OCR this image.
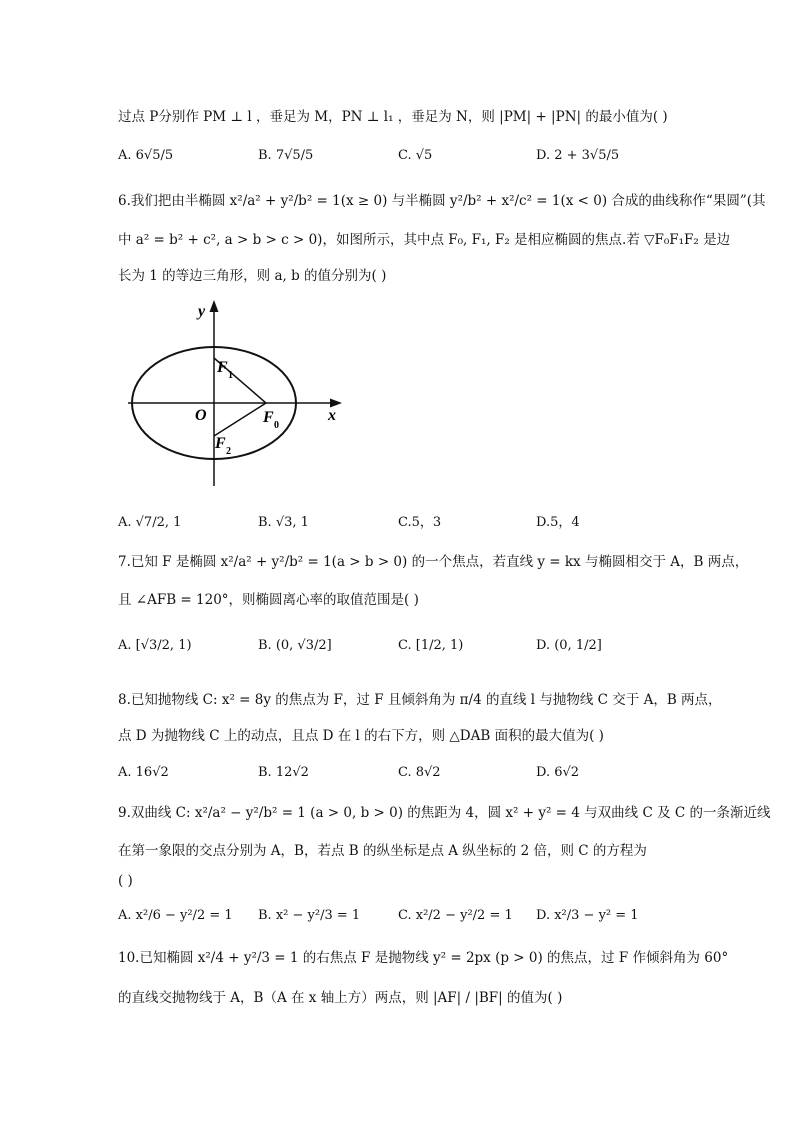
过点 P分别作 PM ⊥ l ，垂足为 M，PN ⊥ l₁ ，垂足为 N，则 |PM| + |PN| 的最小值为( )
A. 6√5/5	B. 7√5/5	C. √5	D. 2 + 3√5/5
6.我们把由半椭圆 x²/a² + y²/b² = 1(x ≥ 0) 与半椭圆 y²/b² + x²/c² = 1(x < 0) 合成的曲线称作“果圆”(其
中 a² = b² + c², a > b > c > 0)，如图所示，其中点 F₀, F₁, F₂ 是相应椭圆的焦点.若 ▽F₀F₁F₂ 是边
长为 1 的等边三角形，则 a, b 的值分别为( )
y
x
O
F 1
F 0
F 2
A. √7/2, 1	B. √3, 1	C.5，3	D.5，4
7.已知 F 是椭圆 x²/a² + y²/b² = 1(a > b > 0) 的一个焦点，若直线 y = kx 与椭圆相交于 A，B 两点，
且 ∠AFB = 120°，则椭圆离心率的取值范围是( )
A. [√3/2, 1)	B. (0, √3/2]	C. [1/2, 1)	D. (0, 1/2]
8.已知抛物线 C: x² = 8y 的焦点为 F，过 F 且倾斜角为 π/4 的直线 l 与抛物线 C 交于 A，B 两点，
点 D 为抛物线 C 上的动点，且点 D 在 l 的右下方，则 △DAB 面积的最大值为( )
A. 16√2	B. 12√2	C. 8√2	D. 6√2
9.双曲线 C: x²/a² − y²/b² = 1 (a > 0, b > 0) 的焦距为 4，圆 x² + y² = 4 与双曲线 C 及 C 的一条渐近线
在第一象限的交点分别为 A，B，若点 B 的纵坐标是点 A 纵坐标的 2 倍，则 C 的方程为
( )
A. x²/6 − y²/2 = 1 B. x² − y²/3 = 1	C. x²/2 − y²/2 = 1 D. x²/3 − y² = 1
10.已知椭圆 x²/4 + y²/3 = 1 的右焦点 F 是抛物线 y² = 2px (p > 0) 的焦点，过 F 作倾斜角为 60°
的直线交抛物线于 A，B（A 在 x 轴上方）两点，则 |AF| / |BF| 的值为( )
